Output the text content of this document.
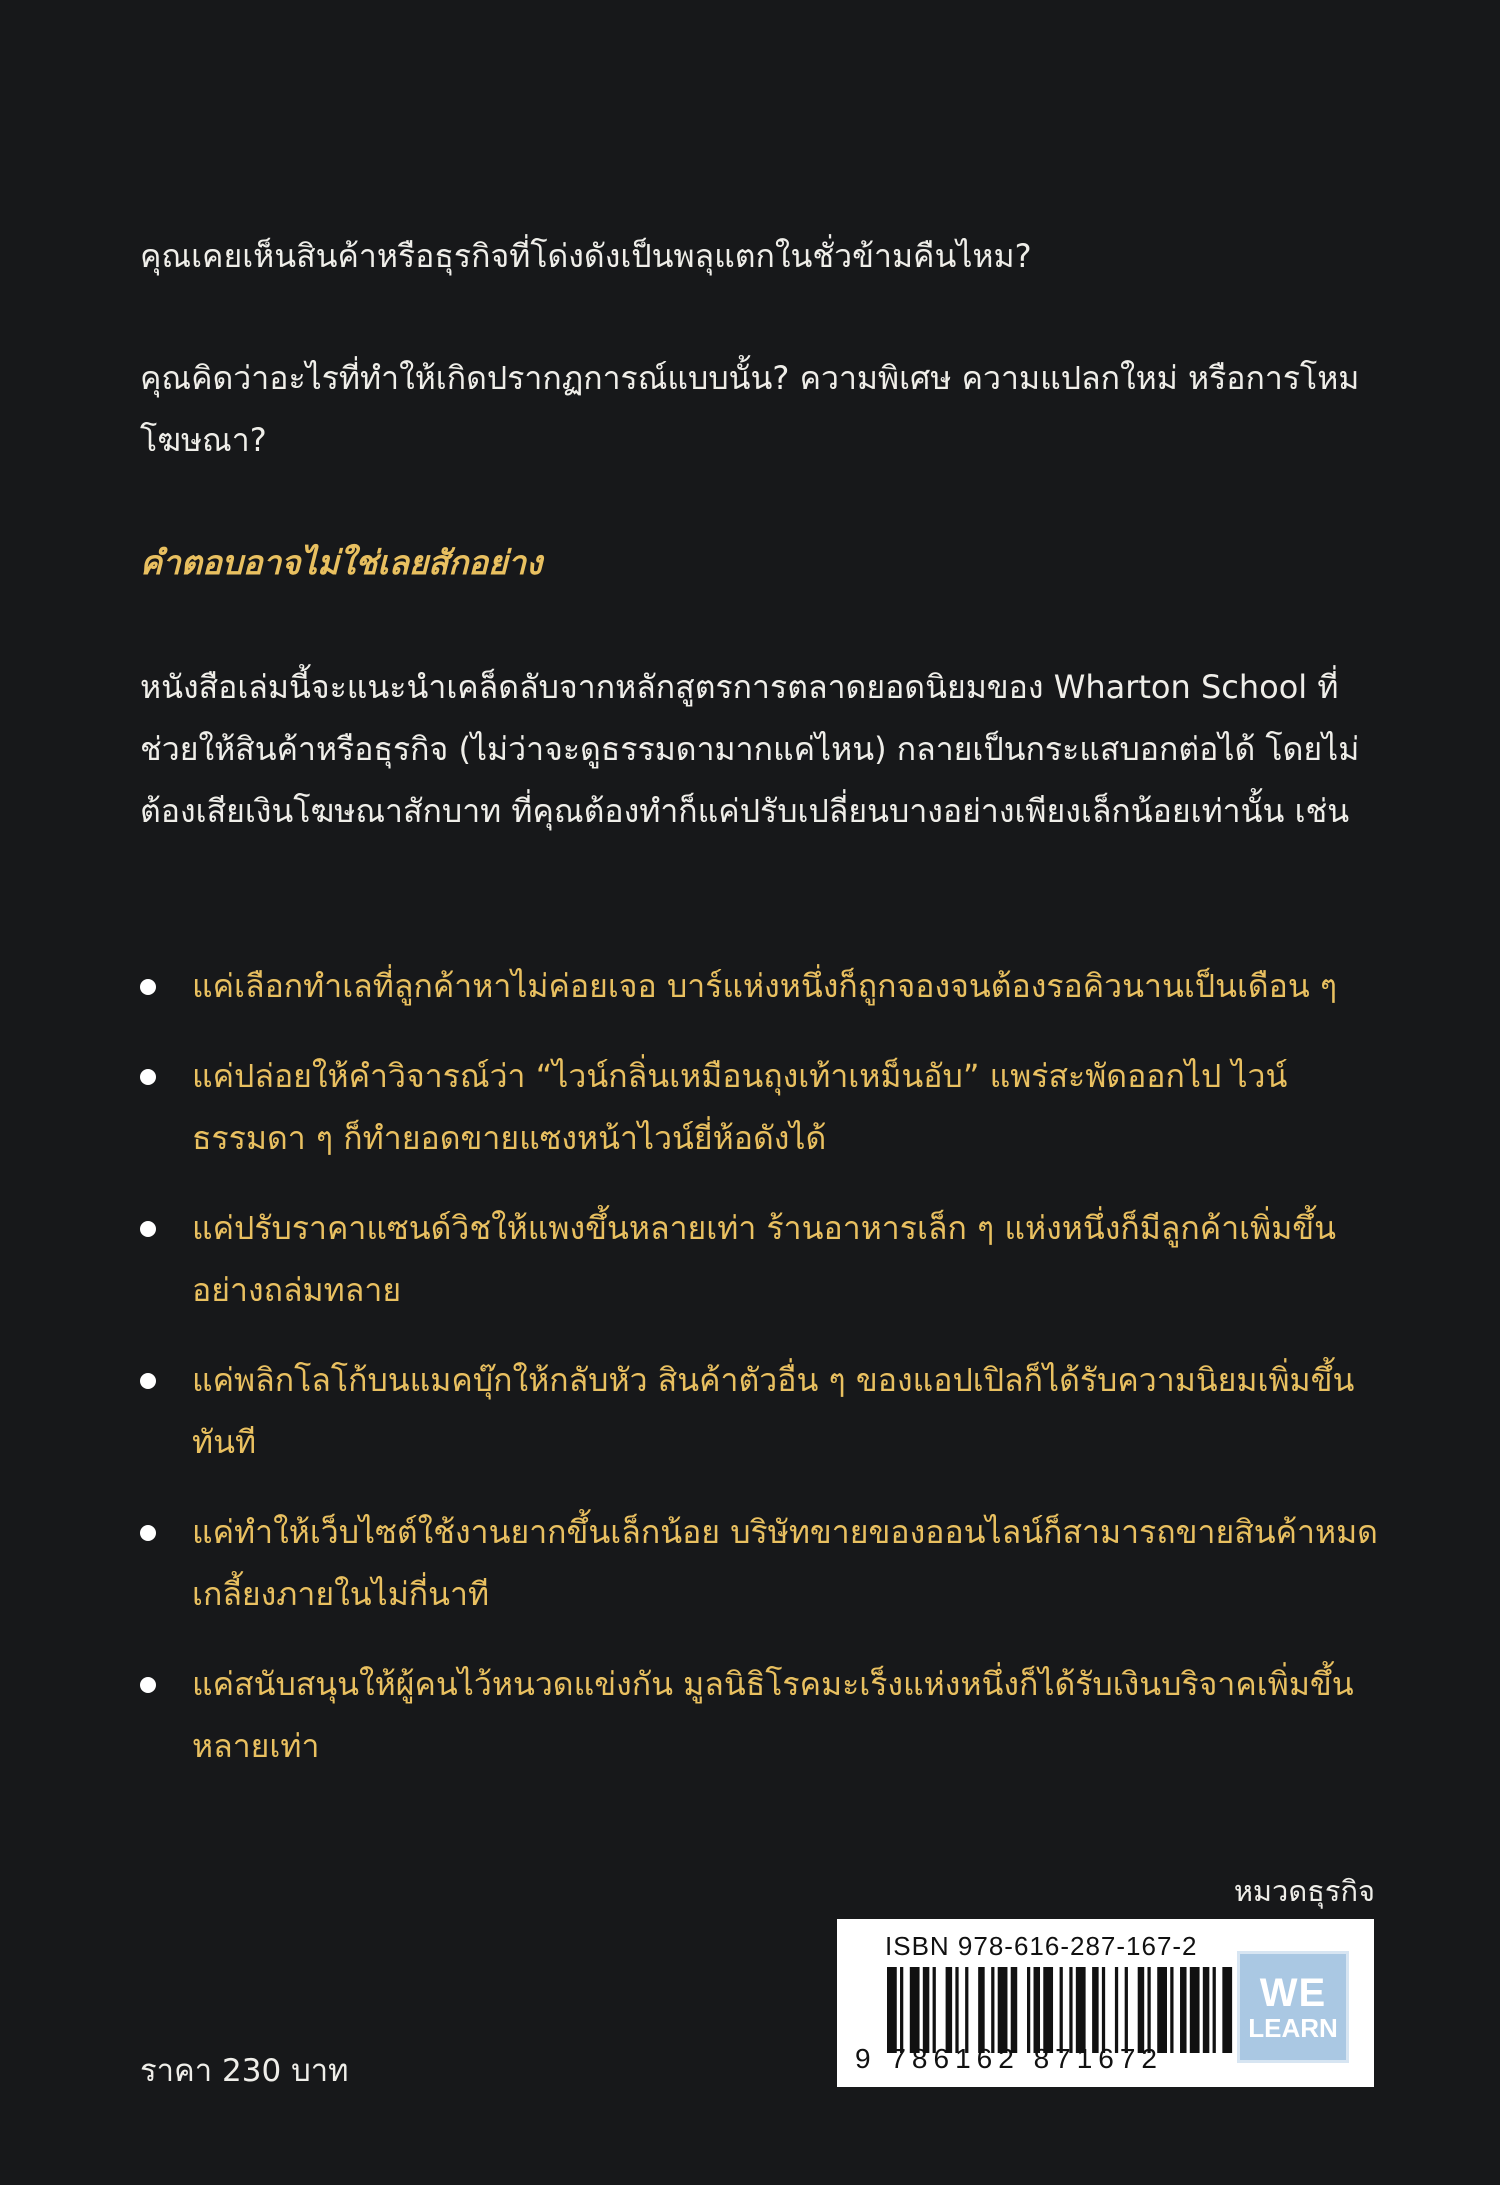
คุณเคยเห็นสินค้าหรือธุรกิจที่โด่งดังเป็นพลุแตกในชั่วข้ามคืนไหม?

คุณคิดว่าอะไรที่ทำให้เกิดปรากฏการณ์แบบนั้น? ความพิเศษ ความแปลกใหม่ หรือการโหมโฆษณา?

คำตอบอาจไม่ใช่เลยสักอย่าง

หนังสือเล่มนี้จะแนะนำเคล็ดลับจากหลักสูตรการตลาดยอดนิยมของ Wharton School ที่ช่วยให้สินค้าหรือธุรกิจ (ไม่ว่าจะดูธรรมดามากแค่ไหน) กลายเป็นกระแสบอกต่อได้ โดยไม่ต้องเสียเงินโฆษณาสักบาท ที่คุณต้องทำก็แค่ปรับเปลี่ยนบางอย่างเพียงเล็กน้อยเท่านั้น เช่น

แค่เลือกทำเลที่ลูกค้าหาไม่ค่อยเจอ บาร์แห่งหนึ่งก็ถูกจองจนต้องรอคิวนานเป็นเดือน ๆ
แค่ปล่อยให้คำวิจารณ์ว่า “ไวน์กลิ่นเหมือนถุงเท้าเหม็นอับ” แพร่สะพัดออกไป ไวน์ธรรมดา ๆ ก็ทำยอดขายแซงหน้าไวน์ยี่ห้อดังได้
แค่ปรับราคาแซนด์วิชให้แพงขึ้นหลายเท่า ร้านอาหารเล็ก ๆ แห่งหนึ่งก็มีลูกค้าเพิ่มขึ้นอย่างถล่มทลาย
แค่พลิกโลโก้บนแมคบุ๊กให้กลับหัว สินค้าตัวอื่น ๆ ของแอปเปิลก็ได้รับความนิยมเพิ่มขึ้นทันที
แค่ทำให้เว็บไซต์ใช้งานยากขึ้นเล็กน้อย บริษัทขายของออนไลน์ก็สามารถขายสินค้าหมดเกลี้ยงภายในไม่กี่นาที
แค่สนับสนุนให้ผู้คนไว้หนวดแข่งกัน มูลนิธิโรคมะเร็งแห่งหนึ่งก็ได้รับเงินบริจาคเพิ่มขึ้นหลายเท่า
หมวดธุรกิจ
ISBN 978-616-287-167-2
9 786162 871672
WE
LEARN
ราคา 230 บาท
